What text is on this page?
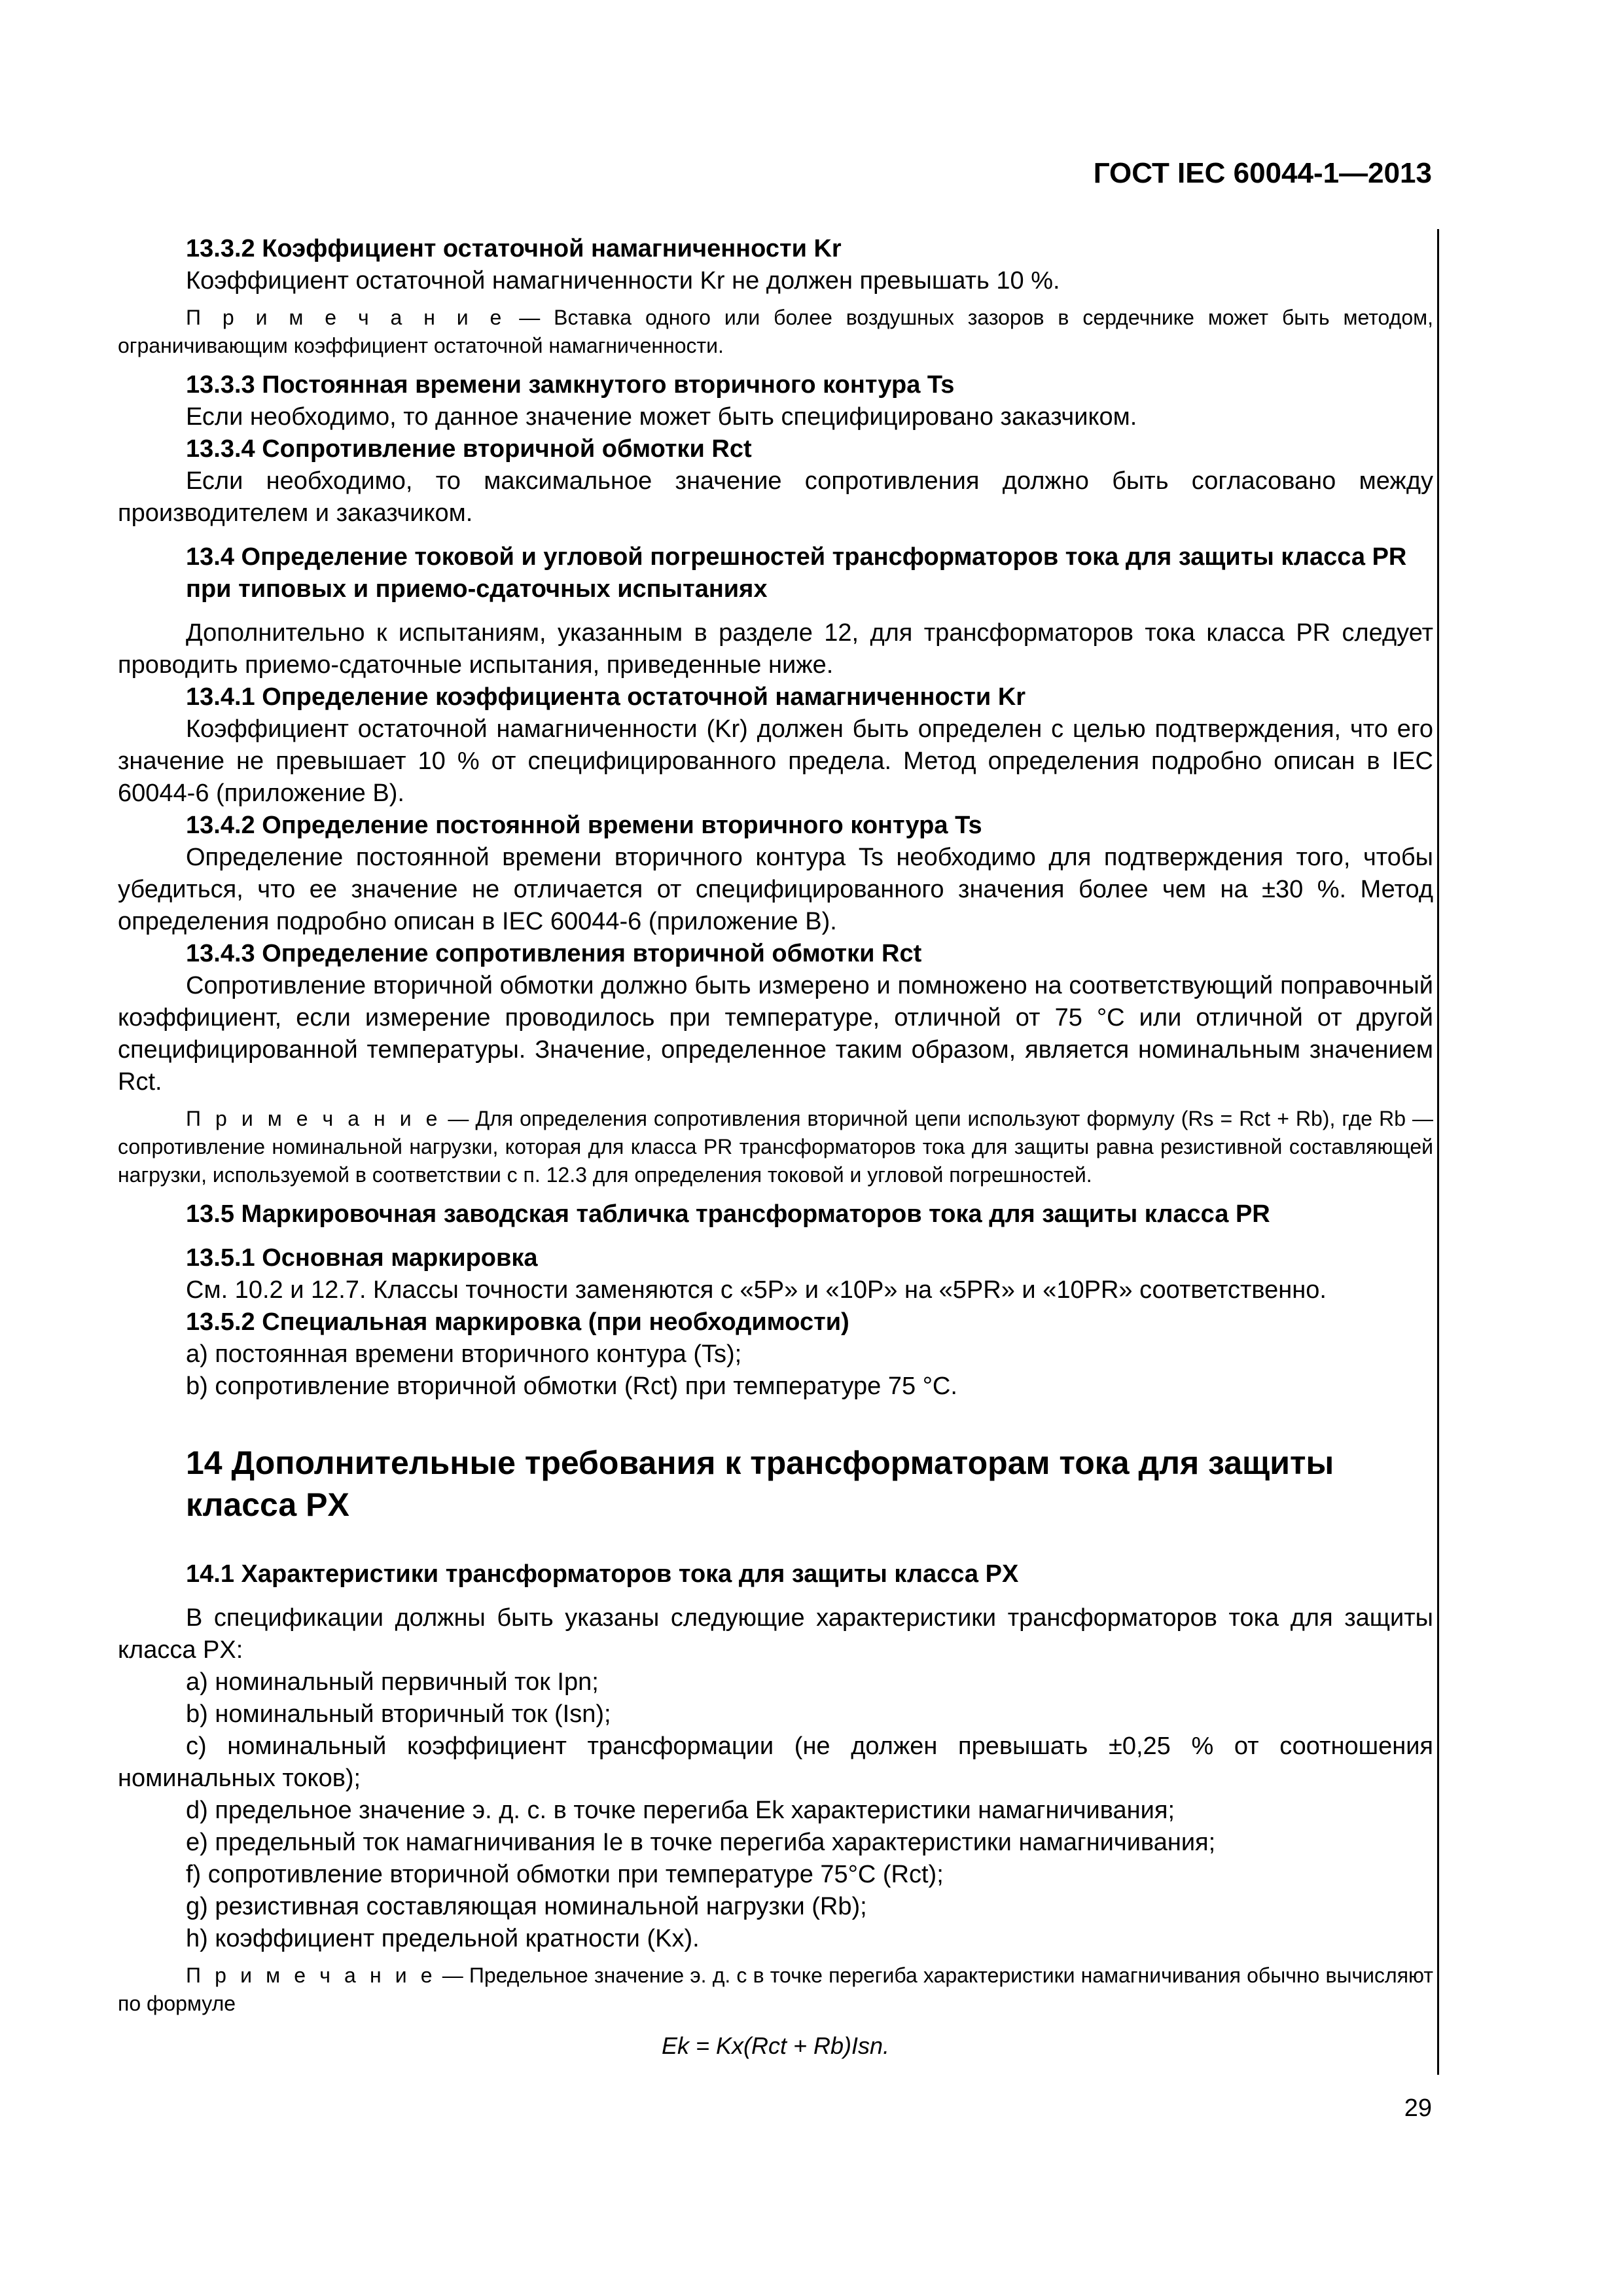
ГОСТ IEC 60044-1—2013
13.3.2 Коэффициент остаточной намагниченности Kr
Коэффициент остаточной намагниченности Kr не должен превышать 10 %.
П р и м е ч а н и е — Вставка одного или более воздушных зазоров в сердечнике может быть методом, ограничивающим коэффициент остаточной намагниченности.
13.3.3 Постоянная времени замкнутого вторичного контура Ts
Если необходимо, то данное значение может быть специфицировано заказчиком.
13.3.4 Сопротивление вторичной обмотки Rct
Если необходимо, то максимальное значение сопротивления должно быть согласовано между производителем и заказчиком.
13.4 Определение токовой и угловой погрешностей трансформаторов тока для защиты класса PR при типовых и приемо-сдаточных испытаниях
Дополнительно к испытаниям, указанным в разделе 12, для трансформаторов тока класса PR следует проводить приемо-сдаточные испытания, приведенные ниже.
13.4.1 Определение коэффициента остаточной намагниченности Kr
Коэффициент остаточной намагниченности (Kr) должен быть определен с целью подтверждения, что его значение не превышает 10 % от специфицированного предела. Метод определения подробно описан в IEC 60044-6 (приложение B).
13.4.2 Определение постоянной времени вторичного контура Ts
Определение постоянной времени вторичного контура Ts необходимо для подтверждения того, чтобы убедиться, что ее значение не отличается от специфицированного значения более чем на ±30 %. Метод определения подробно описан в IEC 60044-6 (приложение B).
13.4.3 Определение сопротивления вторичной обмотки Rct
Сопротивление вторичной обмотки должно быть измерено и помножено на соответствующий поправочный коэффициент, если измерение проводилось при температуре, отличной от 75 °C или отличной от другой специфицированной температуры. Значение, определенное таким образом, является номинальным значением Rct.
П р и м е ч а н и е — Для определения сопротивления вторичной цепи используют формулу (Rs = Rct + Rb), где Rb — сопротивление номинальной нагрузки, которая для класса PR трансформаторов тока для защиты равна резистивной составляющей нагрузки, используемой в соответствии с п. 12.3 для определения токовой и угловой погрешностей.
13.5 Маркировочная заводская табличка трансформаторов тока для защиты класса PR
13.5.1 Основная маркировка
См. 10.2 и 12.7. Классы точности заменяются с «5P» и «10P» на «5PR» и «10PR» соответственно.
13.5.2 Специальная маркировка (при необходимости)
a) постоянная времени вторичного контура (Ts);
b) сопротивление вторичной обмотки (Rct) при температуре 75 °C.
14 Дополнительные требования к трансформаторам тока для защиты класса PX
14.1 Характеристики трансформаторов тока для защиты класса PX
В спецификации должны быть указаны следующие характеристики трансформаторов тока для защиты класса PX:
a) номинальный первичный ток Ipn;
b) номинальный вторичный ток (Isn);
c) номинальный коэффициент трансформации (не должен превышать ±0,25 % от соотношения номинальных токов);
d) предельное значение э. д. с. в точке перегиба Ek характеристики намагничивания;
e) предельный ток намагничивания Ie в точке перегиба характеристики намагничивания;
f) сопротивление вторичной обмотки при температуре 75°C (Rct);
g) резистивная составляющая номинальной нагрузки (Rb);
h) коэффициент предельной кратности (Kx).
П р и м е ч а н и е — Предельное значение э. д. с в точке перегиба характеристики намагничивания обычно вычисляют по формуле
Ek = Kx(Rct + Rb)Isn.
29
